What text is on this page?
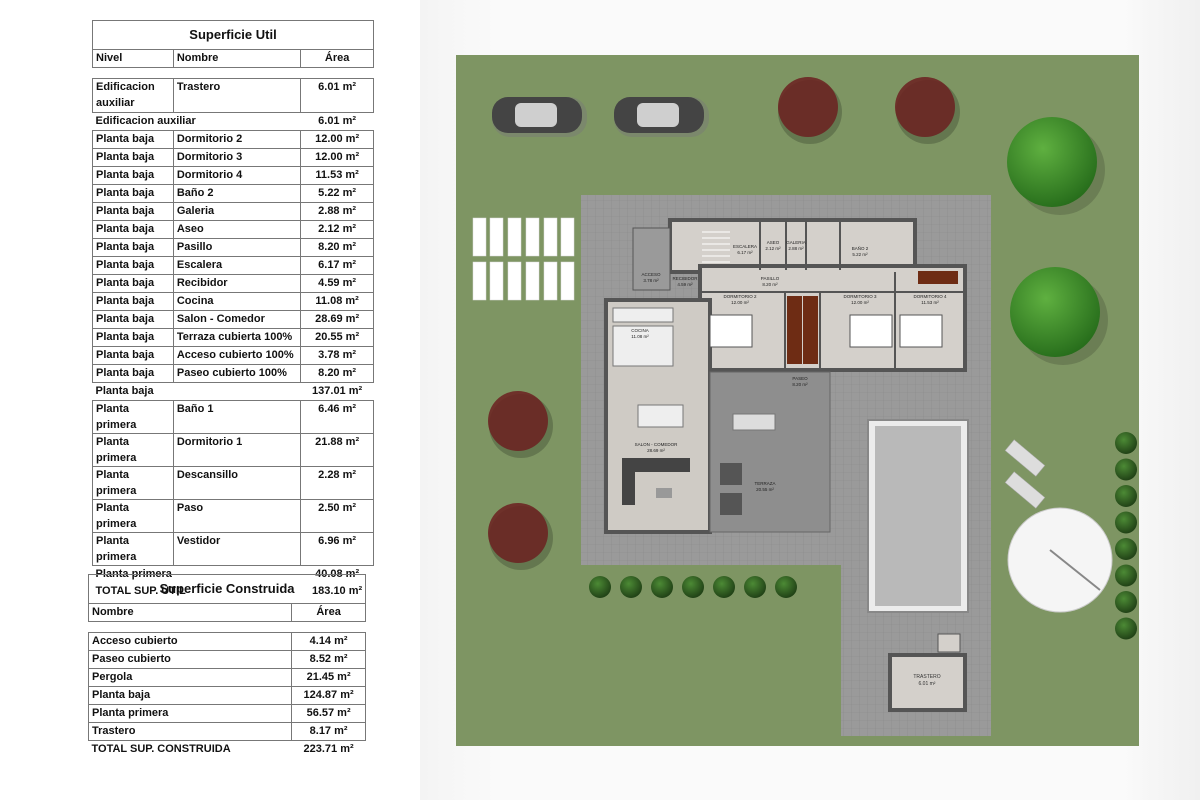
Superficie Util		
Nivel	Nombre	Área

Edificacion auxiliar	Trastero	6.01 m²
Edificacion auxiliar		6.01 m²
Planta baja	Dormitorio 2	12.00 m²
Planta baja	Dormitorio 3	12.00 m²
Planta baja	Dormitorio 4	11.53 m²
Planta baja	Baño 2	5.22 m²
Planta baja	Galeria	2.88 m²
Planta baja	Aseo	2.12 m²
Planta baja	Pasillo	8.20 m²
Planta baja	Escalera	6.17 m²
Planta baja	Recibidor	4.59 m²
Planta baja	Cocina	11.08 m²
Planta baja	Salon - Comedor	28.69 m²
Planta baja	Terraza cubierta 100%	20.55 m²
Planta baja	Acceso cubierto 100%	3.78 m²
Planta baja	Paseo cubierto 100%	8.20 m²
Planta baja		137.01 m²
Planta primera	Baño 1	6.46 m²
Planta primera	Dormitorio 1	21.88 m²
Planta primera	Descansillo	2.28 m²
Planta primera	Paso	2.50 m²
Planta primera	Vestidor	6.96 m²
Planta primera		40.08 m²
TOTAL SUP. UTIL		183.10 m²
Superficie Construida	
Nombre	Área

Acceso cubierto	4.14 m²
Paseo cubierto	8.52 m²
Pergola	21.45 m²
Planta baja	124.87 m²
Planta primera	56.57 m²
Trastero	8.17 m²
TOTAL SUP. CONSTRUIDA	223.71 m²
TRASTERO
6.01 m²
ESCALERA
6.17 m²
ASEO
2.12 m²
GALERIA
2.88 m²	BAÑO 2
5.22 m²
ACCESO
3.78 m²	RECIBIDOR
4.59 m²
PASILLO
8.20 m²
DORMITORIO 2
12.00 m²
DORMITORIO 3
12.00 m²
DORMITORIO 4
11.53 m²
COCINA
11.08 m²
PASEO
8.20 m²
SALON - COMEDOR
28.69 m²
TERRAZA
20.55 m²
